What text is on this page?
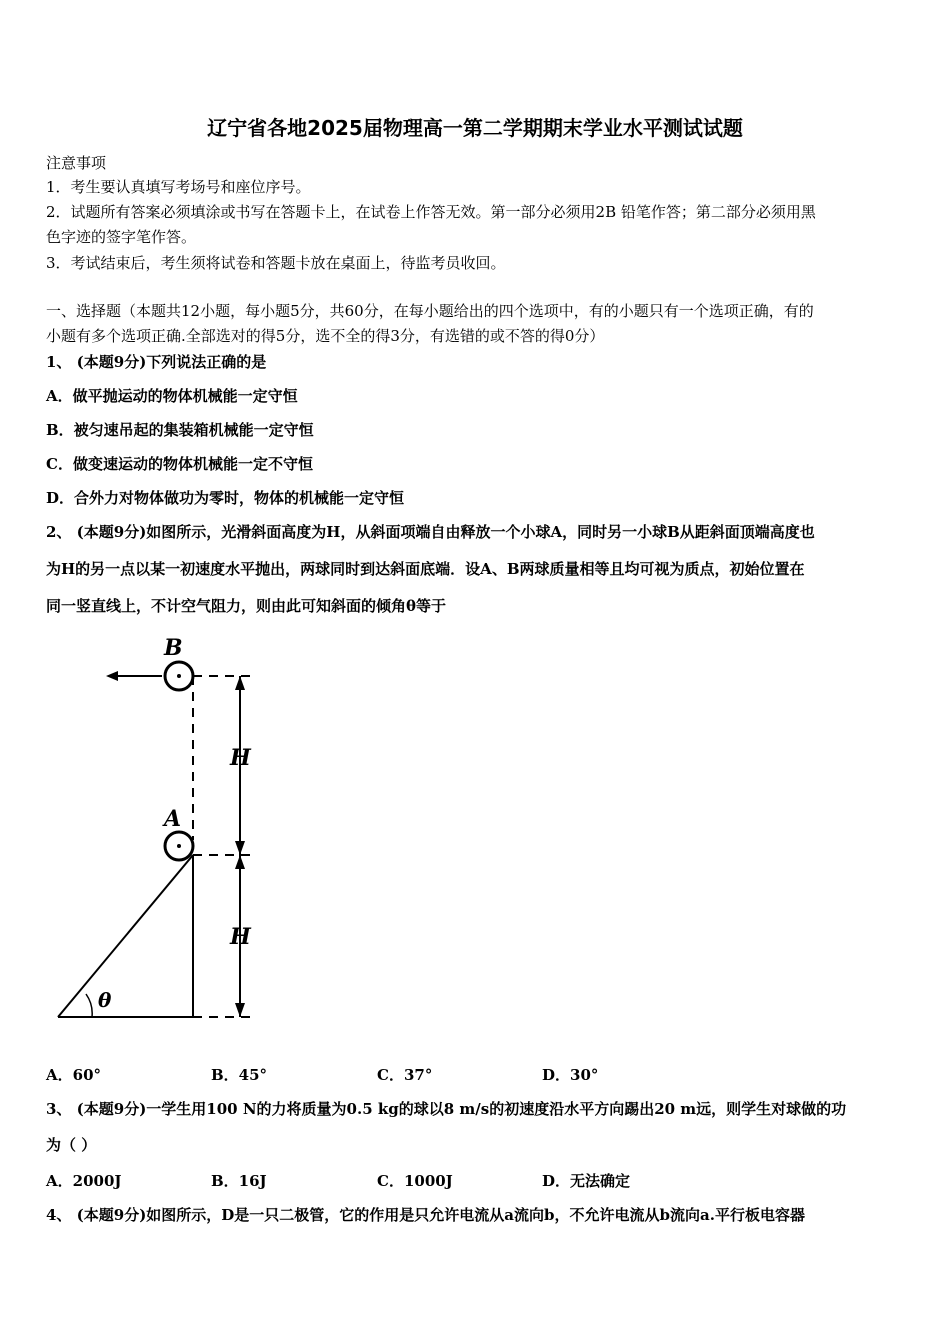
辽宁省各地2025届物理高一第二学期期末学业水平测试试题
注意事项
1．考生要认真填写考场号和座位序号。
2．试题所有答案必须填涂或书写在答题卡上，在试卷上作答无效。第一部分必须用2B 铅笔作答；第二部分必须用黑
色字迹的签字笔作答。
3．考试结束后，考生须将试卷和答题卡放在桌面上，待监考员收回。
一、选择题（本题共12小题，每小题5分，共60分，在每小题给出的四个选项中，有的小题只有一个选项正确，有的
小题有多个选项正确.全部选对的得5分，选不全的得3分，有选错的或不答的得0分）
1、 (本题9分)下列说法正确的是
A．做平抛运动的物体机械能一定守恒
B．被匀速吊起的集装箱机械能一定守恒
C．做变速运动的物体机械能一定不守恒
D．合外力对物体做功为零时，物体的机械能一定守恒
2、 (本题9分)如图所示，光滑斜面高度为H，从斜面项端自由释放一个小球A，同时另一小球B从距斜面顶端高度也
为H的另一点以某一初速度水平抛出，两球同时到达斜面底端．设A、B两球质量相等且均可视为质点，初始位置在
同一竖直线上，不计空气阻力，则由此可知斜面的倾角θ等于
B
A
θ
H
H
A．60°	B．45°	C．37°	D．30°
3、 (本题9分)一学生用100 N的力将质量为0.5 kg的球以8 m/s的初速度沿水平方向踢出20 m远，则学生对球做的功
为（ ）
A．2000J	B．16J	C．1000J	D．无法确定
4、 (本题9分)如图所示，D是一只二极管，它的作用是只允许电流从a流向b，不允许电流从b流向a.平行板电容器
